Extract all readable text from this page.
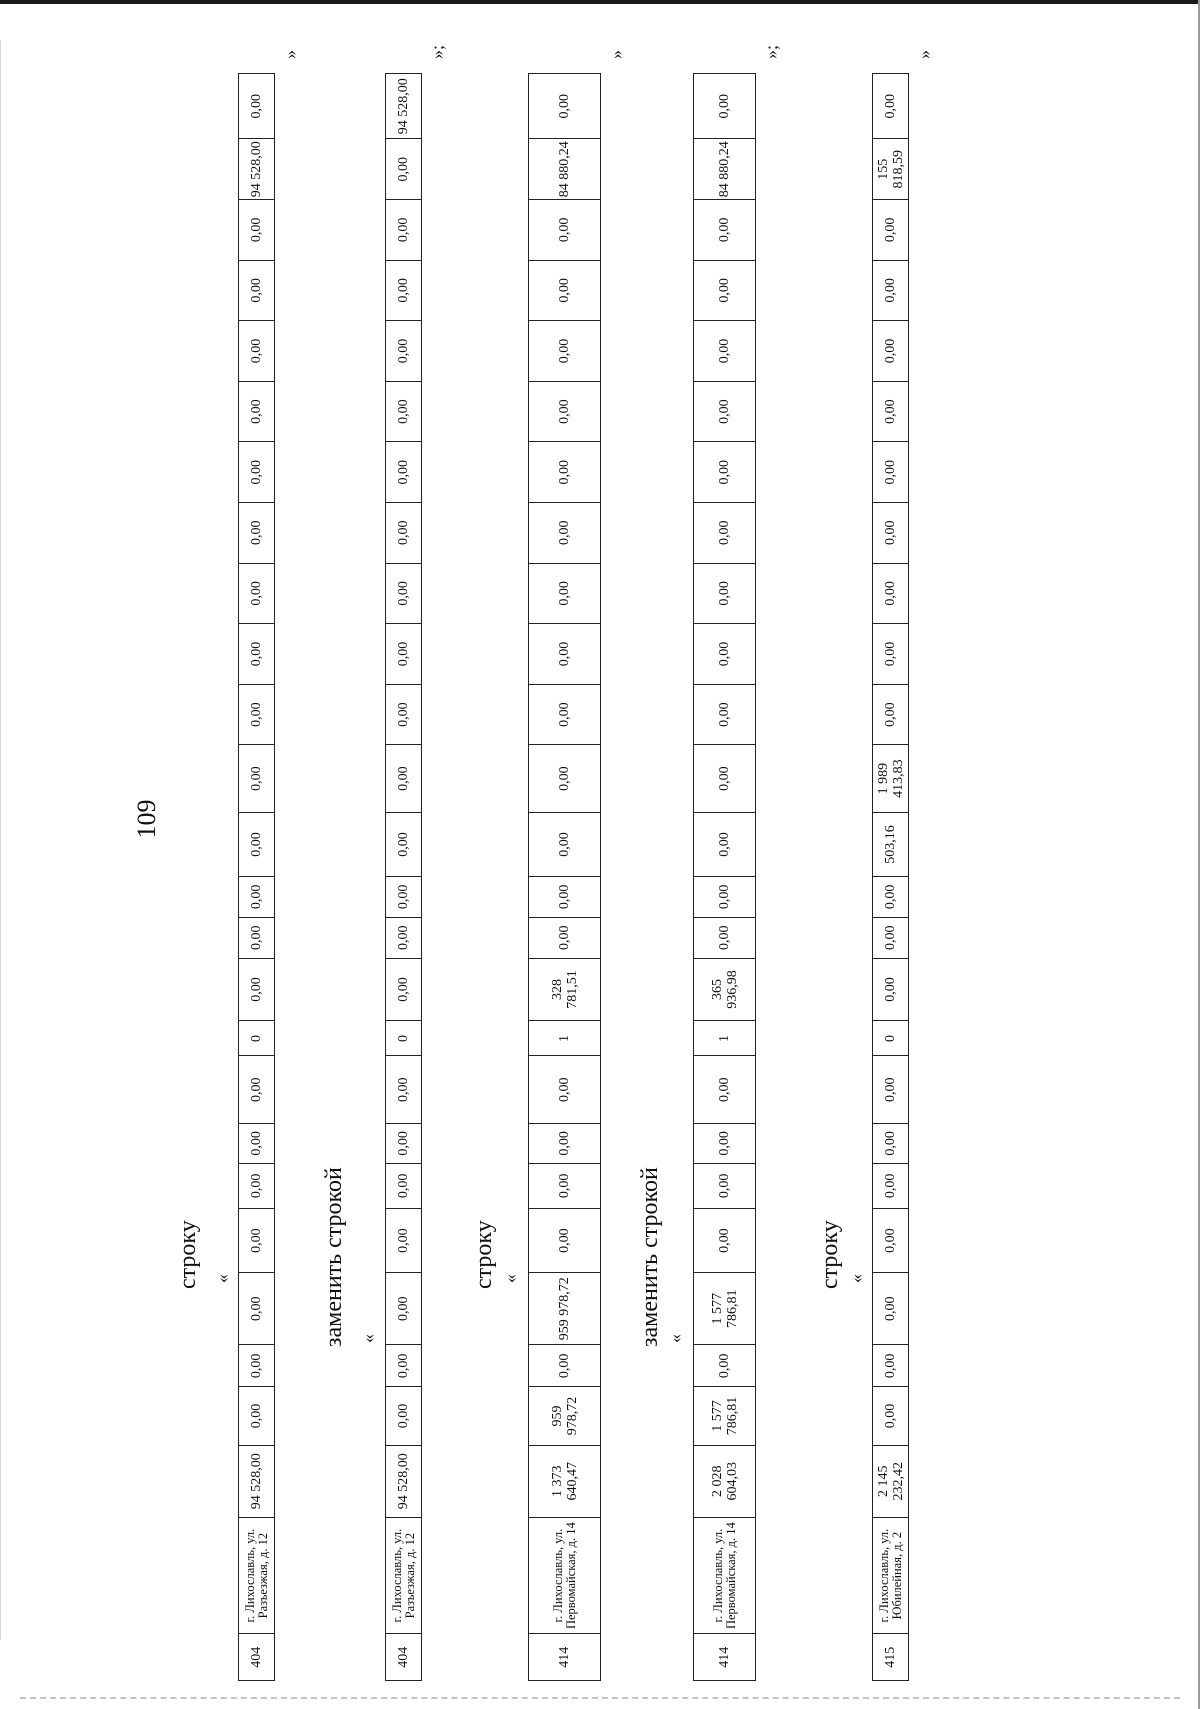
109
строку «
404	г. Лихославль, ул. Разъезжая, д. 12	94 528,00	0,00	0,00	0,00	0,00	0,00	0,00	0,00	0	0,00	0,00	0,00	0,00	0,00	0,00	0,00	0,00	0,00	0,00	0,00	0,00	0,00	0,00	94 528,00	0,00
»
заменить строкой «
404	г. Лихославль, ул. Разъезжая, д. 12	94 528,00	0,00	0,00	0,00	0,00	0,00	0,00	0,00	0	0,00	0,00	0,00	0,00	0,00	0,00	0,00	0,00	0,00	0,00	0,00	0,00	0,00	0,00	0,00	94 528,00
»;
строку «
414	г. Лихославль, ул. Первомайская, д. 14	1 373 640,47	959 978,72	0,00	959 978,72	0,00	0,00	0,00	0,00	1	328 781,51	0,00	0,00	0,00	0,00	0,00	0,00	0,00	0,00	0,00	0,00	0,00	0,00	0,00	84 880,24	0,00
»
заменить строкой «
414	г. Лихославль, ул. Первомайская, д. 14	2 028 604,03	1 577 786,81	0,00	1 577 786,81	0,00	0,00	0,00	0,00	1	365 936,98	0,00	0,00	0,00	0,00	0,00	0,00	0,00	0,00	0,00	0,00	0,00	0,00	0,00	84 880,24	0,00
»;
строку «
415	г. Лихославль, ул. Юбилейная, д. 2	2 145 232,42	0,00	0,00	0,00	0,00	0,00	0,00	0,00	0	0,00	0,00	0,00	503,16	1 989 413,83	0,00	0,00	0,00	0,00	0,00	0,00	0,00	0,00	0,00	155 818,59	0,00
»
